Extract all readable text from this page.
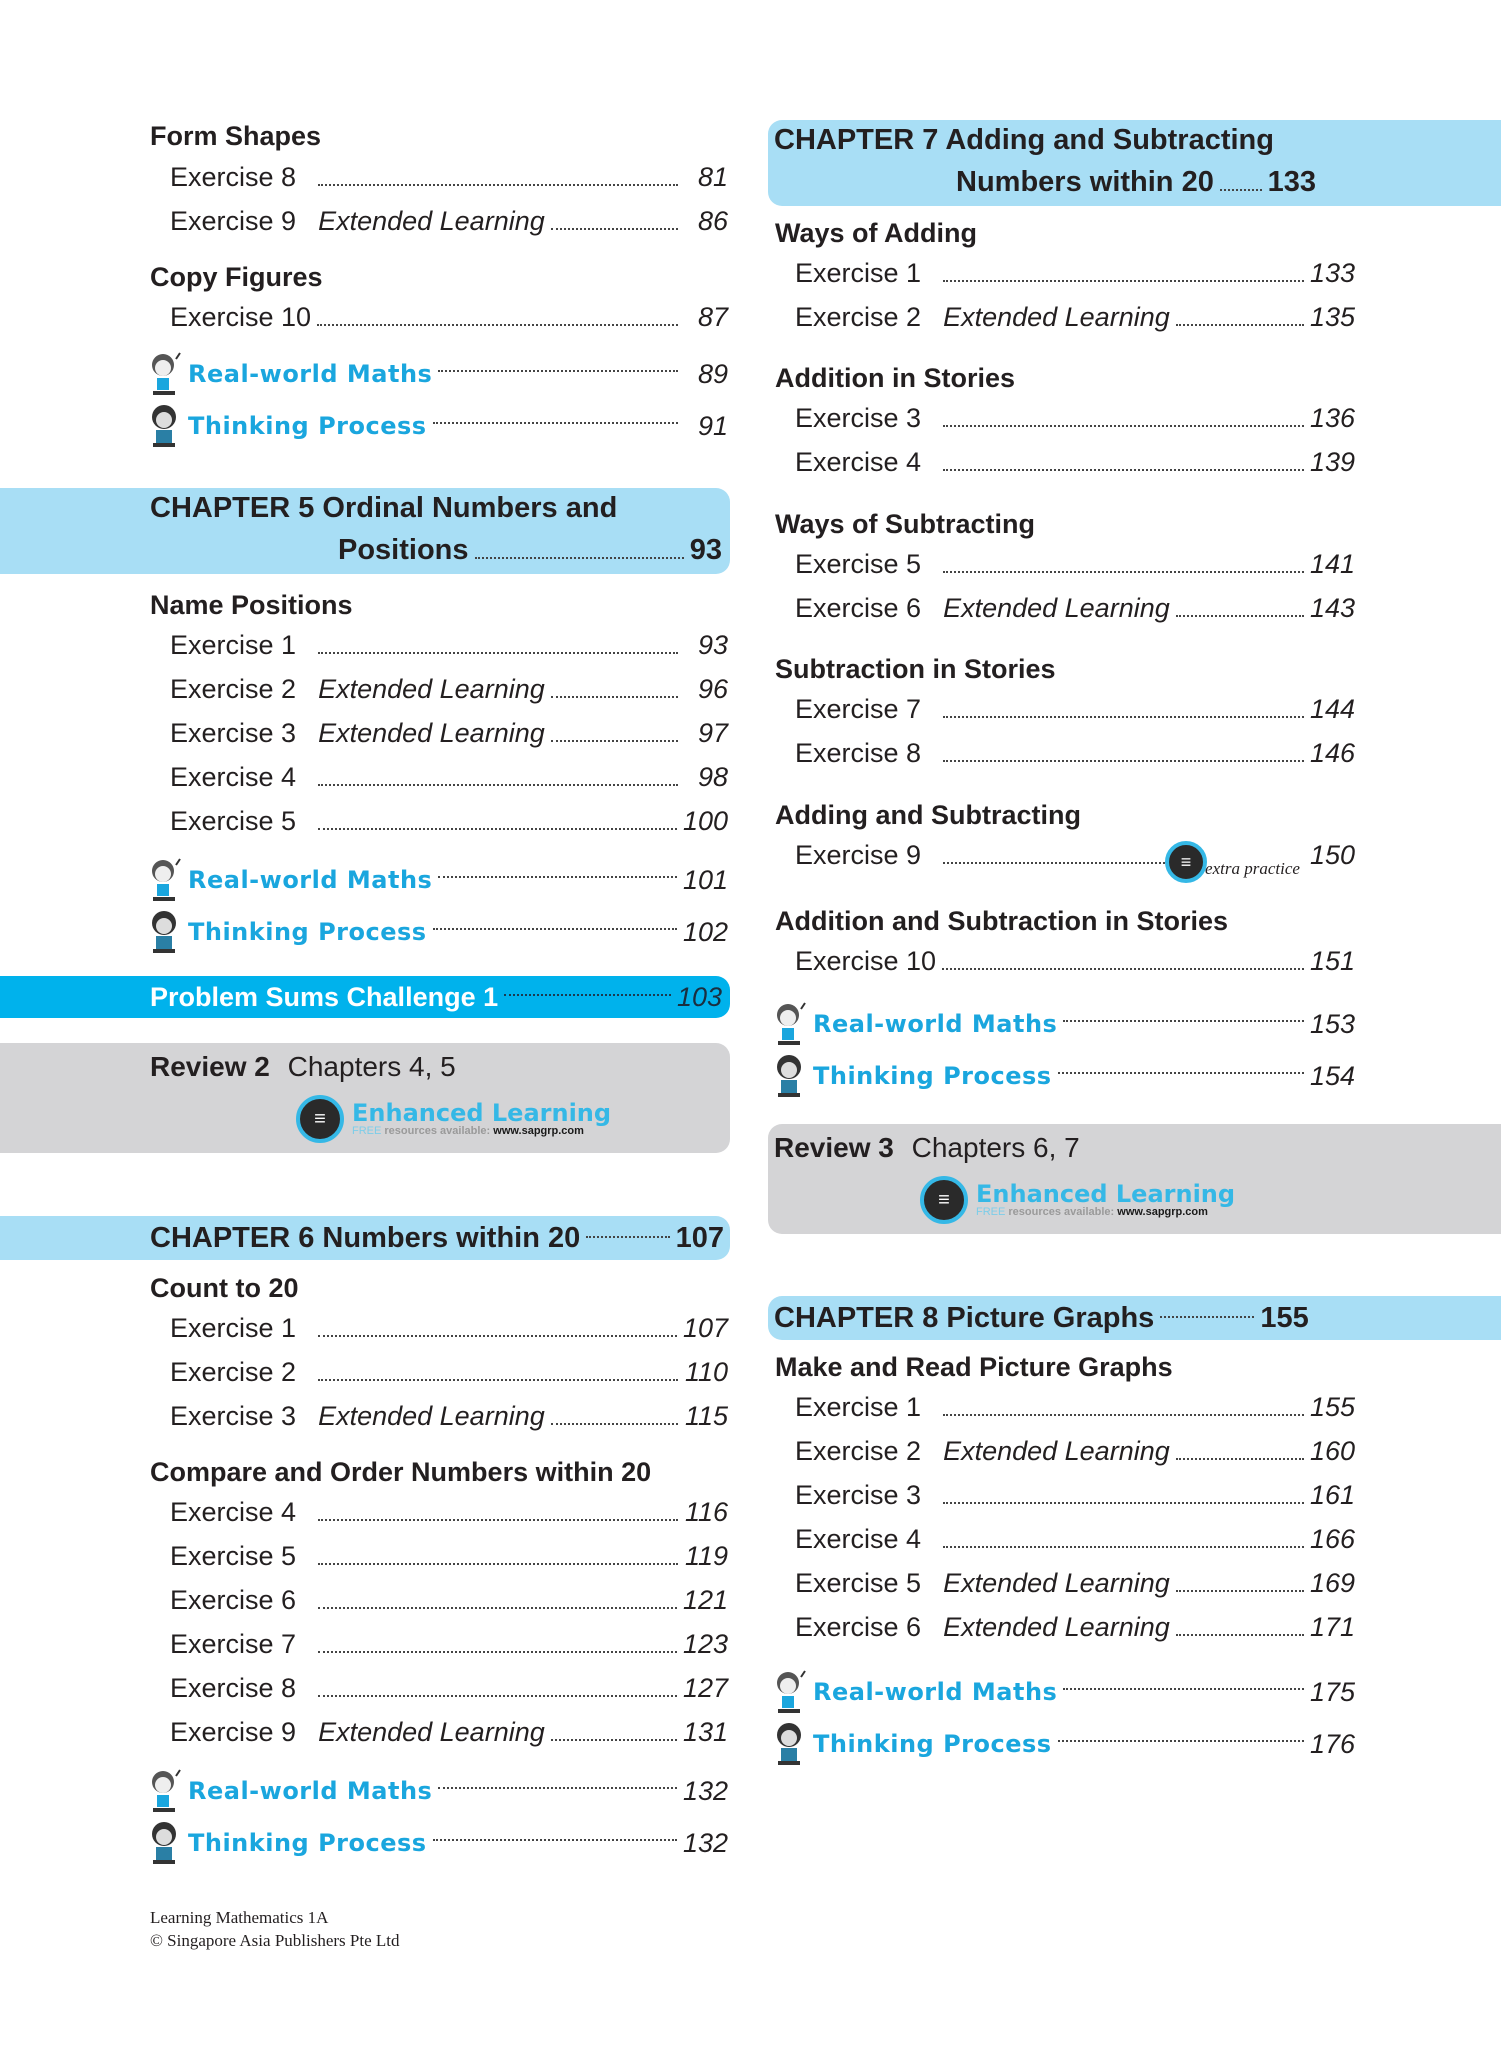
Form Shapes
Exercise 8	81
Exercise 9 Extended Learning	86
Copy Figures
Exercise 10	87
Real-world Maths	89
Thinking Process	91
CHAPTER 5 Ordinal Numbers and
Positions	93
Name Positions
Exercise 1	93
Exercise 2 Extended Learning	96
Exercise 3 Extended Learning	97
Exercise 4	98
Exercise 5	100
Real-world Maths	101
Thinking Process	102
Problem Sums Challenge 1	103
Review 2 Chapters 4, 5
≡	Enhanced Learning
FREE resources available: www.sapgrp.com
CHAPTER 6 Numbers within 20	107
Count to 20
Exercise 1	107
Exercise 2	110
Exercise 3 Extended Learning	115
Compare and Order Numbers within 20
Exercise 4	116
Exercise 5	119
Exercise 6	121
Exercise 7	123
Exercise 8	127
Exercise 9 Extended Learning	131
Real-world Maths	132
Thinking Process	132
Learning Mathematics 1A
© Singapore Asia Publishers Pte Ltd
CHAPTER 7 Adding and Subtracting
Numbers within 20 133
Ways of Adding
Exercise 1	133
Exercise 2 Extended Learning	135
Addition in Stories
Exercise 3	136
Exercise 4	139
Ways of Subtracting
Exercise 5	141
Exercise 6 Extended Learning	143
Subtraction in Stories
Exercise 7	144
Exercise 8	146
Adding and Subtracting
Exercise 9	≡ extra practice 150
Addition and Subtraction in Stories
Exercise 10	151
Real-world Maths	153
Thinking Process	154
Review 3 Chapters 6, 7
≡	Enhanced Learning
FREE resources available: www.sapgrp.com
CHAPTER 8 Picture Graphs	155
Make and Read Picture Graphs
Exercise 1	155
Exercise 2 Extended Learning	160
Exercise 3	161
Exercise 4	166
Exercise 5 Extended Learning	169
Exercise 6 Extended Learning	171
Real-world Maths	175
Thinking Process	176
